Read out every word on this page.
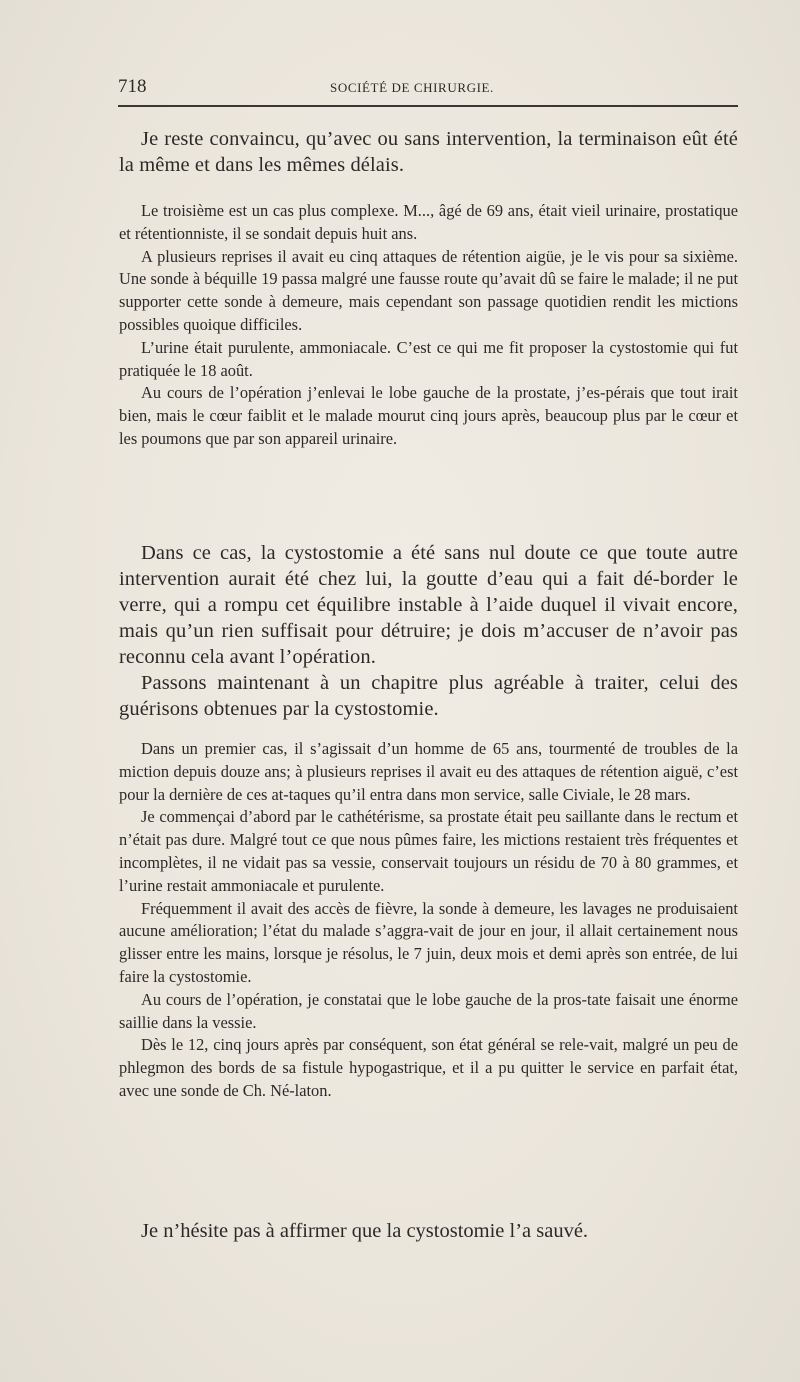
718	SOCIÉTÉ DE CHIRURGIE.

Je reste convaincu, qu’avec ou sans intervention, la terminaison eût été la même et dans les mêmes délais.

Le troisième est un cas plus complexe. M..., âgé de 69 ans, était vieil urinaire, prostatique et rétentionniste, il se sondait depuis huit ans.

A plusieurs reprises il avait eu cinq attaques de rétention aigüe, je le vis pour sa sixième. Une sonde à béquille 19 passa malgré une fausse route qu’avait dû se faire le malade; il ne put supporter cette sonde à demeure, mais cependant son passage quotidien rendit les mictions possibles quoique difficiles.

L’urine était purulente, ammoniacale. C’est ce qui me fit proposer la cystostomie qui fut pratiquée le 18 août.

Au cours de l’opération j’enlevai le lobe gauche de la prostate, j’es-pérais que tout irait bien, mais le cœur faiblit et le malade mourut cinq jours après, beaucoup plus par le cœur et les poumons que par son appareil urinaire.

Dans ce cas, la cystostomie a été sans nul doute ce que toute autre intervention aurait été chez lui, la goutte d’eau qui a fait dé-border le verre, qui a rompu cet équilibre instable à l’aide duquel il vivait encore, mais qu’un rien suffisait pour détruire; je dois m’accuser de n’avoir pas reconnu cela avant l’opération.

Passons maintenant à un chapitre plus agréable à traiter, celui des guérisons obtenues par la cystostomie.

Dans un premier cas, il s’agissait d’un homme de 65 ans, tourmenté de troubles de la miction depuis douze ans; à plusieurs reprises il avait eu des attaques de rétention aiguë, c’est pour la dernière de ces at-taques qu’il entra dans mon service, salle Civiale, le 28 mars.

Je commençai d’abord par le cathétérisme, sa prostate était peu saillante dans le rectum et n’était pas dure. Malgré tout ce que nous pûmes faire, les mictions restaient très fréquentes et incomplètes, il ne vidait pas sa vessie, conservait toujours un résidu de 70 à 80 grammes, et l’urine restait ammoniacale et purulente.

Fréquemment il avait des accès de fièvre, la sonde à demeure, les lavages ne produisaient aucune amélioration; l’état du malade s’aggra-vait de jour en jour, il allait certainement nous glisser entre les mains, lorsque je résolus, le 7 juin, deux mois et demi après son entrée, de lui faire la cystostomie.

Au cours de l’opération, je constatai que le lobe gauche de la pros-tate faisait une énorme saillie dans la vessie.

Dès le 12, cinq jours après par conséquent, son état général se rele-vait, malgré un peu de phlegmon des bords de sa fistule hypogastrique, et il a pu quitter le service en parfait état, avec une sonde de Ch. Né-laton.

Je n’hésite pas à affirmer que la cystostomie l’a sauvé.
